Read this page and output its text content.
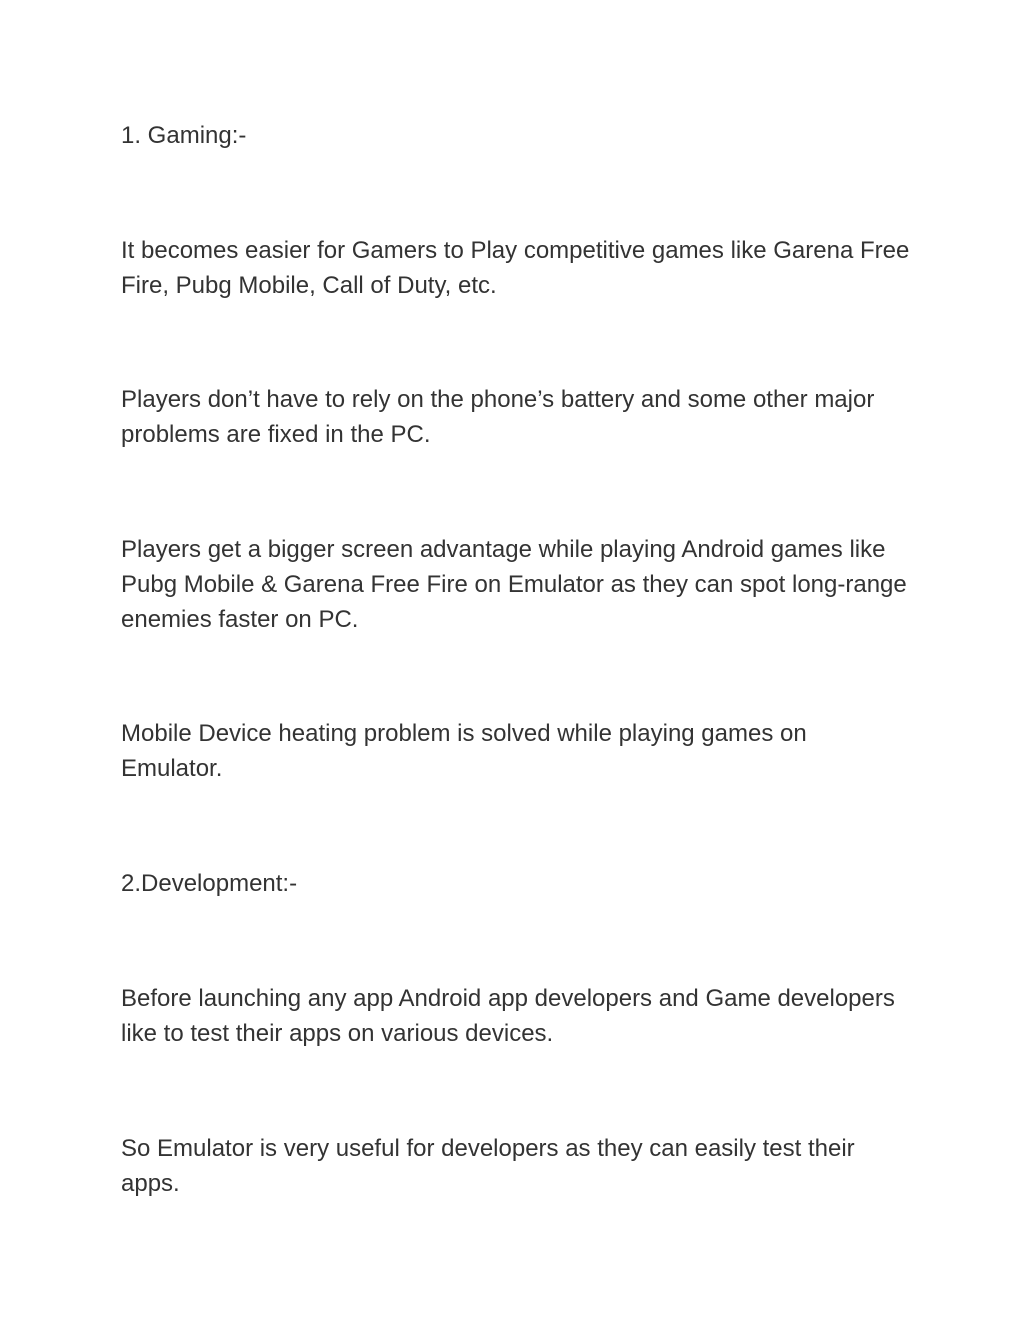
1. Gaming:-

It becomes easier for Gamers to Play competitive games like Garena Free Fire, Pubg Mobile, Call of Duty, etc.

Players don’t have to rely on the phone’s battery and some other major problems are fixed in the PC.

Players get a bigger screen advantage while playing Android games like Pubg Mobile & Garena Free Fire on Emulator as they can spot long-range enemies faster on PC.

Mobile Device heating problem is solved while playing games on Emulator.

2.Development:-

Before launching any app Android app developers and Game developers like to test their apps on various devices.

So Emulator is very useful for developers as they can easily test their apps.
